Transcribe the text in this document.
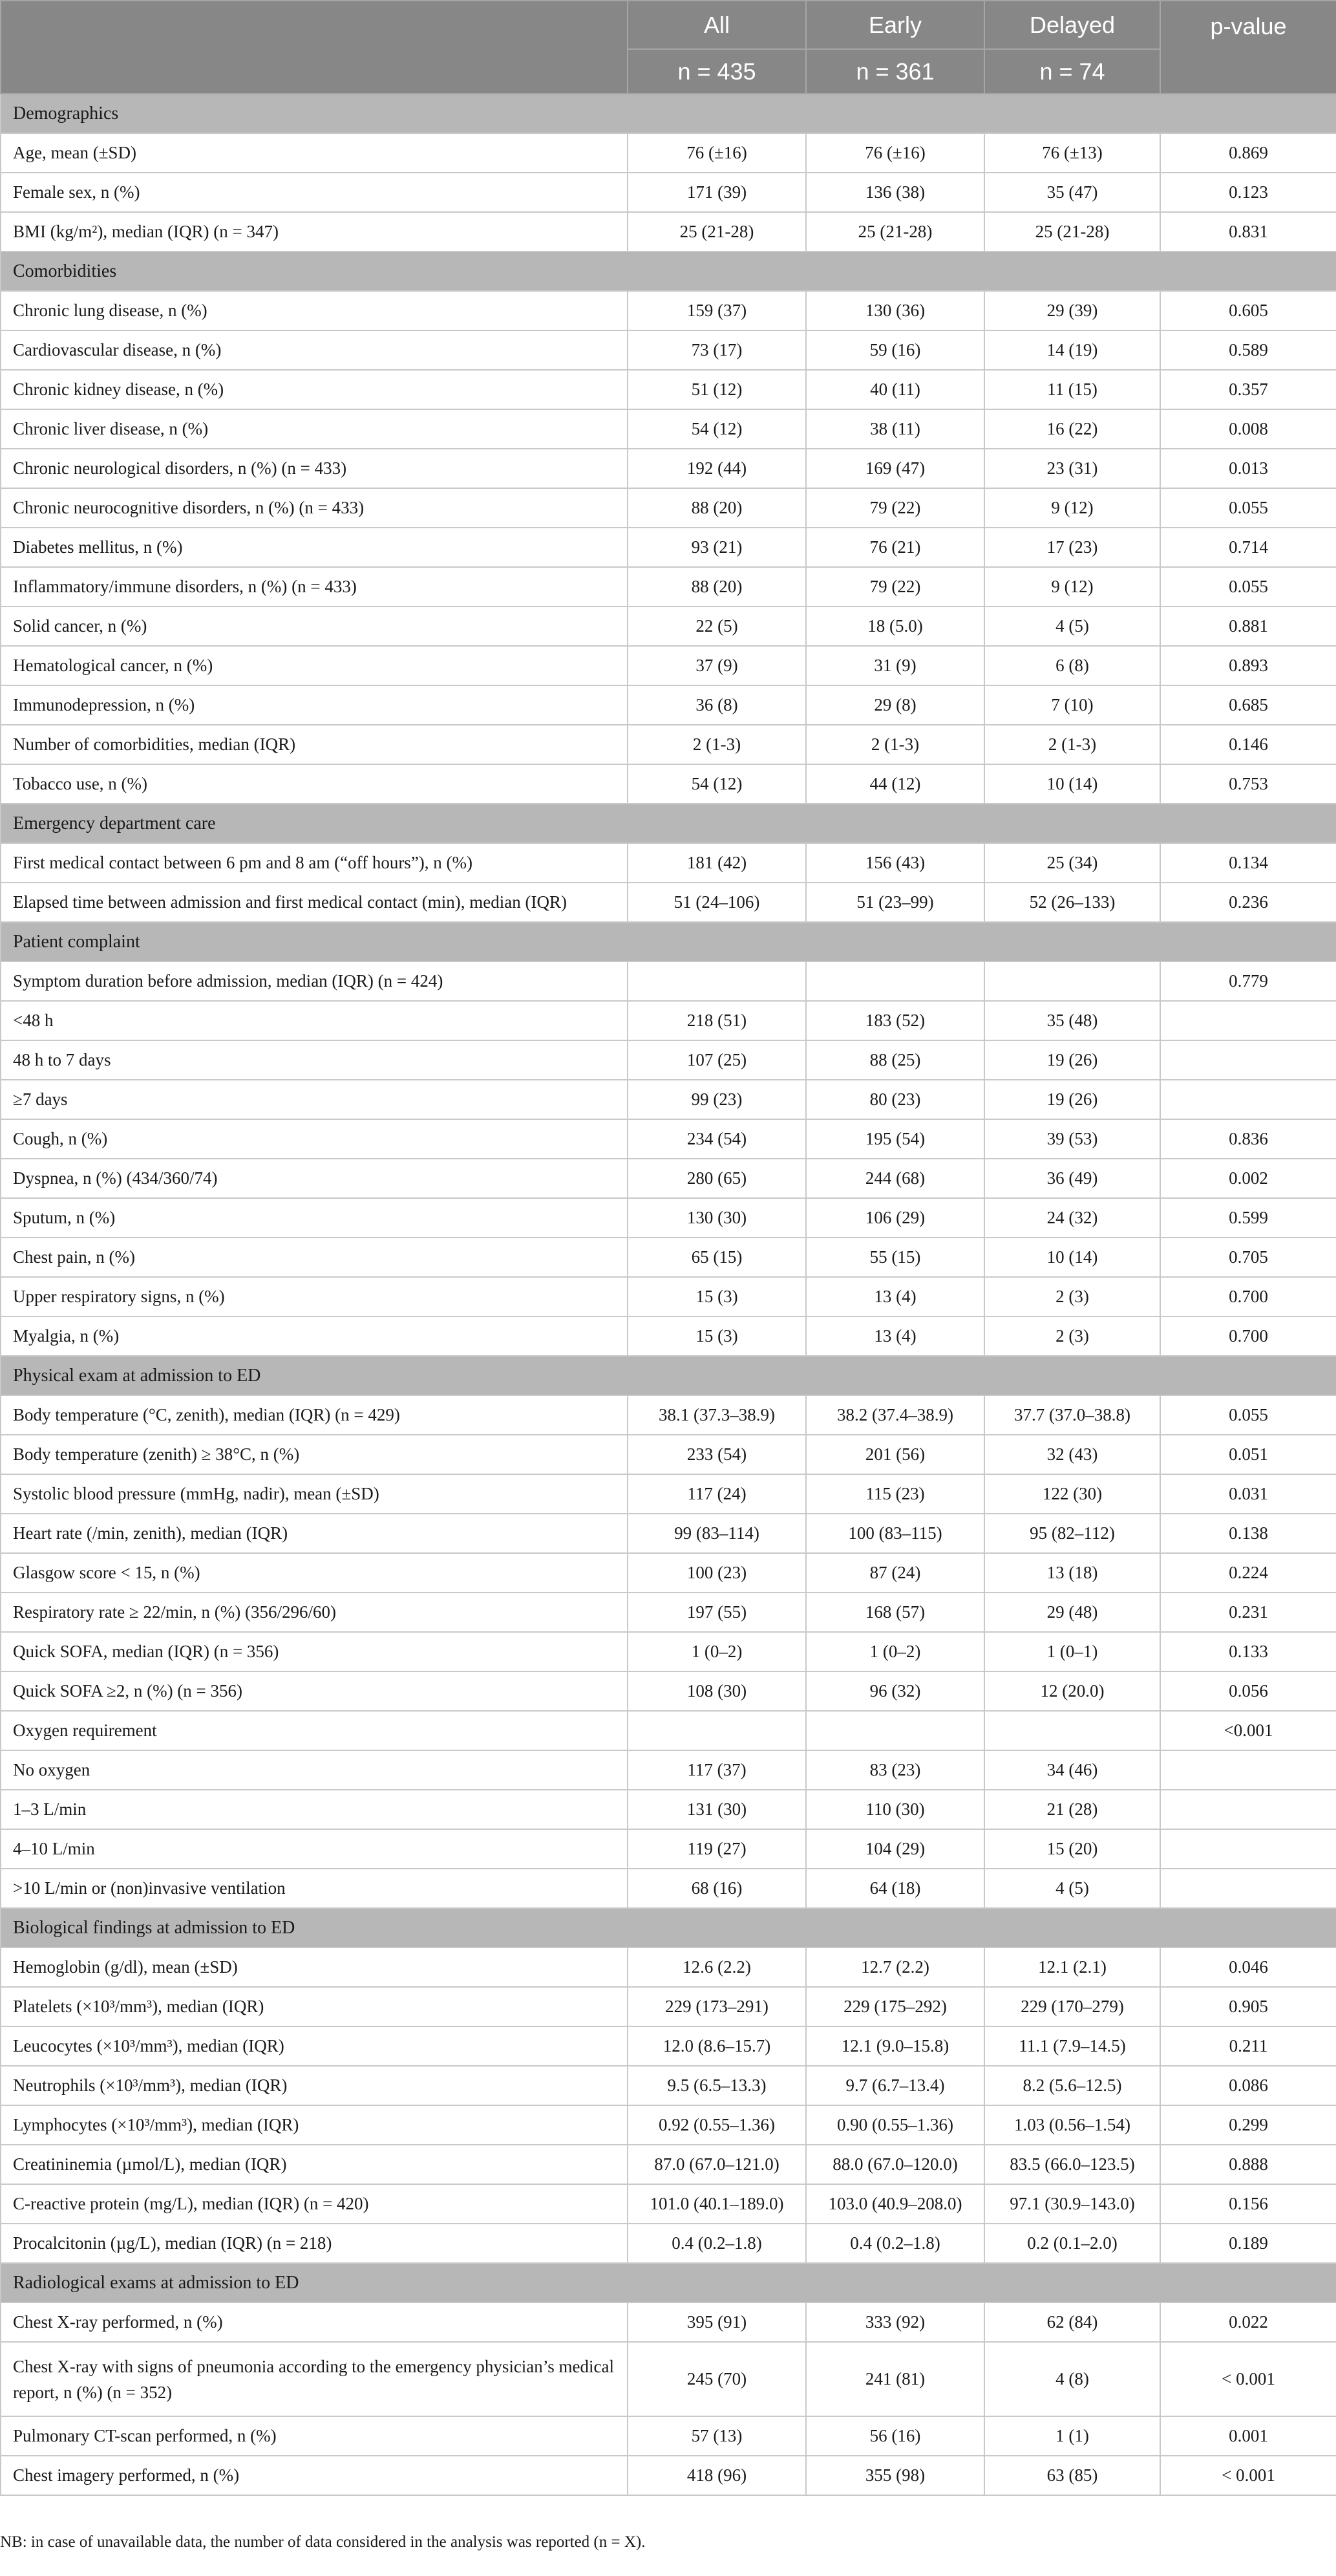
	All	Early	Delayed	p-value
	n = 435	n = 361	n = 74	
Demographics				
Age, mean (±SD)	76 (±16)	76 (±16)	76 (±13)	0.869
Female sex, n (%)	171 (39)	136 (38)	35 (47)	0.123
BMI (kg/m²), median (IQR) (n = 347)	25 (21-28)	25 (21-28)	25 (21-28)	0.831
Comorbidities				
Chronic lung disease, n (%)	159 (37)	130 (36)	29 (39)	0.605
Cardiovascular disease, n (%)	73 (17)	59 (16)	14 (19)	0.589
Chronic kidney disease, n (%)	51 (12)	40 (11)	11 (15)	0.357
Chronic liver disease, n (%)	54 (12)	38 (11)	16 (22)	0.008
Chronic neurological disorders, n (%) (n = 433)	192 (44)	169 (47)	23 (31)	0.013
Chronic neurocognitive disorders, n (%) (n = 433)	88 (20)	79 (22)	9 (12)	0.055
Diabetes mellitus, n (%)	93 (21)	76 (21)	17 (23)	0.714
Inflammatory/immune disorders, n (%) (n = 433)	88 (20)	79 (22)	9 (12)	0.055
Solid cancer, n (%)	22 (5)	18 (5.0)	4 (5)	0.881
Hematological cancer, n (%)	37 (9)	31 (9)	6 (8)	0.893
Immunodepression, n (%)	36 (8)	29 (8)	7 (10)	0.685
Number of comorbidities, median (IQR)	2 (1-3)	2 (1-3)	2 (1-3)	0.146
Tobacco use, n (%)	54 (12)	44 (12)	10 (14)	0.753
Emergency department care				
First medical contact between 6 pm and 8 am (“off hours”), n (%)	181 (42)	156 (43)	25 (34)	0.134
Elapsed time between admission and first medical contact (min), median (IQR)	51 (24–106)	51 (23–99)	52 (26–133)	0.236
Patient complaint				
Symptom duration before admission, median (IQR) (n = 424)				0.779
<48 h	218 (51)	183 (52)	35 (48)	
48 h to 7 days	107 (25)	88 (25)	19 (26)	
≥7 days	99 (23)	80 (23)	19 (26)	
Cough, n (%)	234 (54)	195 (54)	39 (53)	0.836
Dyspnea, n (%) (434/360/74)	280 (65)	244 (68)	36 (49)	0.002
Sputum, n (%)	130 (30)	106 (29)	24 (32)	0.599
Chest pain, n (%)	65 (15)	55 (15)	10 (14)	0.705
Upper respiratory signs, n (%)	15 (3)	13 (4)	2 (3)	0.700
Myalgia, n (%)	15 (3)	13 (4)	2 (3)	0.700
Physical exam at admission to ED				
Body temperature (°C, zenith), median (IQR) (n = 429)	38.1 (37.3–38.9)	38.2 (37.4–38.9)	37.7 (37.0–38.8)	0.055
Body temperature (zenith) ≥ 38°C, n (%)	233 (54)	201 (56)	32 (43)	0.051
Systolic blood pressure (mmHg, nadir), mean (±SD)	117 (24)	115 (23)	122 (30)	0.031
Heart rate (/min, zenith), median (IQR)	99 (83–114)	100 (83–115)	95 (82–112)	0.138
Glasgow score < 15, n (%)	100 (23)	87 (24)	13 (18)	0.224
Respiratory rate ≥ 22/min, n (%) (356/296/60)	197 (55)	168 (57)	29 (48)	0.231
Quick SOFA, median (IQR) (n = 356)	1 (0–2)	1 (0–2)	1 (0–1)	0.133
Quick SOFA ≥2, n (%) (n = 356)	108 (30)	96 (32)	12 (20.0)	0.056
Oxygen requirement				<0.001
No oxygen	117 (37)	83 (23)	34 (46)	
1–3 L/min	131 (30)	110 (30)	21 (28)	
4–10 L/min	119 (27)	104 (29)	15 (20)	
>10 L/min or (non)invasive ventilation	68 (16)	64 (18)	4 (5)	
Biological findings at admission to ED				
Hemoglobin (g/dl), mean (±SD)	12.6 (2.2)	12.7 (2.2)	12.1 (2.1)	0.046
Platelets (×10³/mm³), median (IQR)	229 (173–291)	229 (175–292)	229 (170–279)	0.905
Leucocytes (×10³/mm³), median (IQR)	12.0 (8.6–15.7)	12.1 (9.0–15.8)	11.1 (7.9–14.5)	0.211
Neutrophils (×10³/mm³), median (IQR)	9.5 (6.5–13.3)	9.7 (6.7–13.4)	8.2 (5.6–12.5)	0.086
Lymphocytes (×10³/mm³), median (IQR)	0.92 (0.55–1.36)	0.90 (0.55–1.36)	1.03 (0.56–1.54)	0.299
Creatininemia (µmol/L), median (IQR)	87.0 (67.0–121.0)	88.0 (67.0–120.0)	83.5 (66.0–123.5)	0.888
C-reactive protein (mg/L), median (IQR) (n = 420)	101.0 (40.1–189.0)	103.0 (40.9–208.0)	97.1 (30.9–143.0)	0.156
Procalcitonin (µg/L), median (IQR) (n = 218)	0.4 (0.2–1.8)	0.4 (0.2–1.8)	0.2 (0.1–2.0)	0.189
Radiological exams at admission to ED				
Chest X-ray performed, n (%)	395 (91)	333 (92)	62 (84)	0.022
Chest X-ray with signs of pneumonia according to the emergency physician’s medical report, n (%) (n = 352)	245 (70)	241 (81)	4 (8)	< 0.001
Pulmonary CT-scan performed, n (%)	57 (13)	56 (16)	1 (1)	0.001
Chest imagery performed, n (%)	418 (96)	355 (98)	63 (85)	< 0.001
NB: in case of unavailable data, the number of data considered in the analysis was reported (n = X).
